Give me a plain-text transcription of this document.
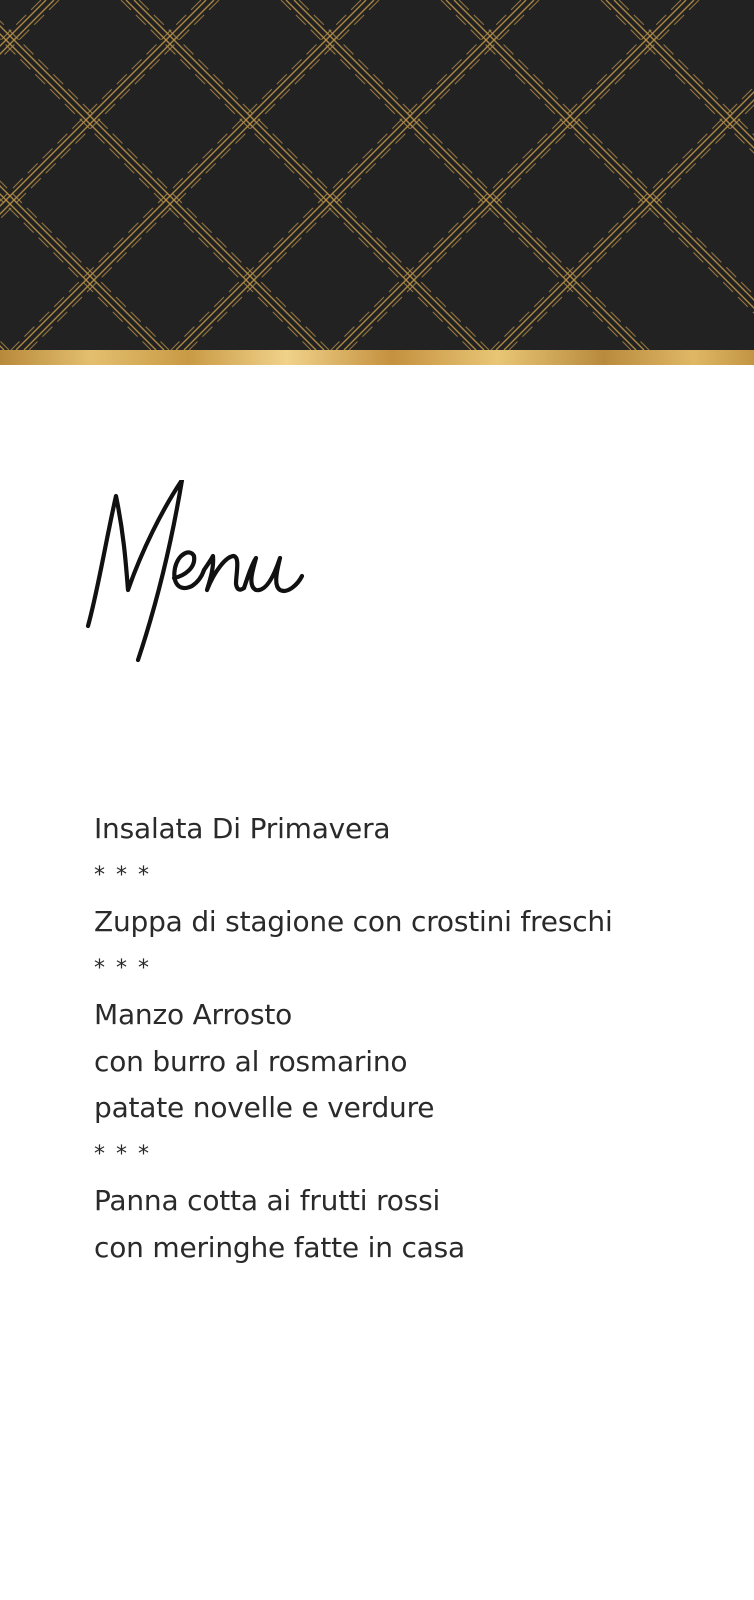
Insalata Di Primavera
* * *
Zuppa di stagione con crostini freschi
* * *
Manzo Arrosto
con burro al rosmarino
patate novelle e verdure
* * *
Panna cotta ai frutti rossi
con meringhe fatte in casa
